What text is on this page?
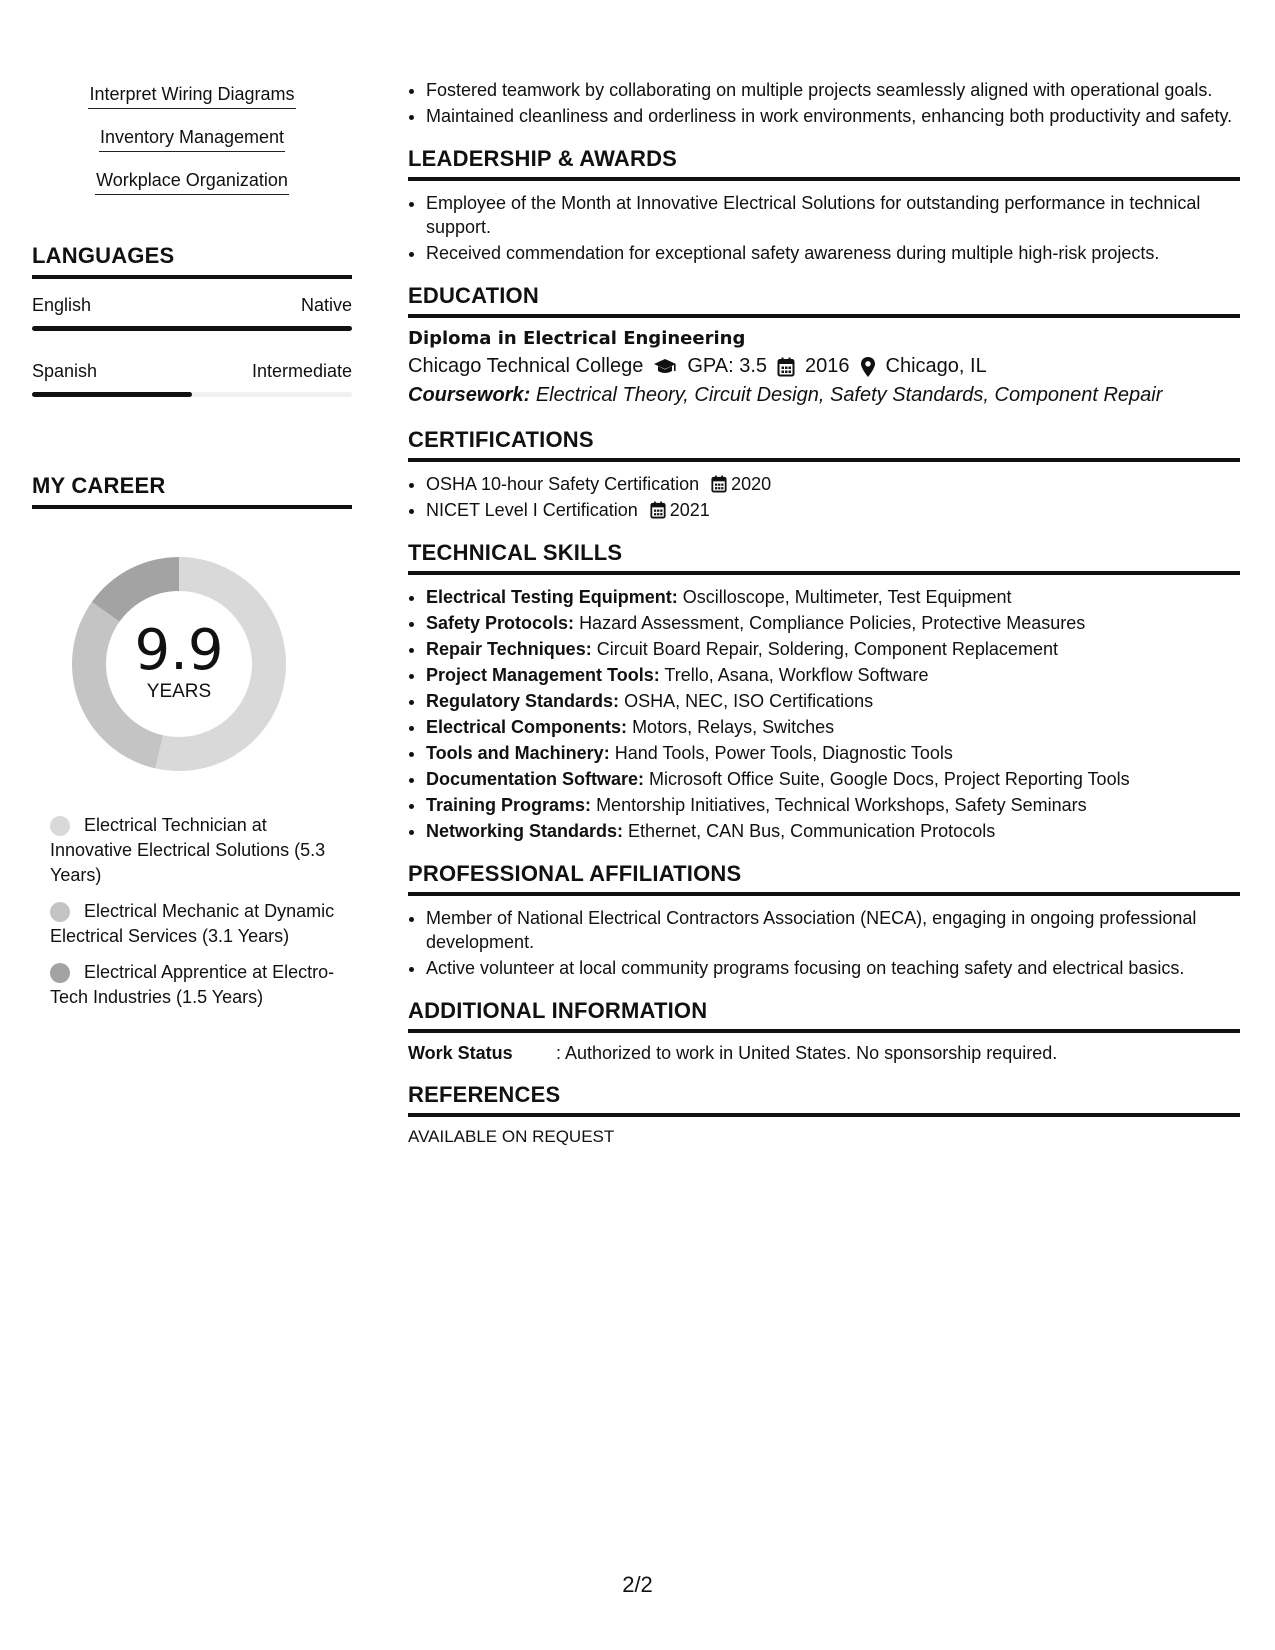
Interpret Wiring Diagrams
Inventory Management
Workplace Organization
LANGUAGES
English	Native
Spanish	Intermediate
MY CAREER
9.9
YEARS
Electrical Technician at Innovative Electrical Solutions (5.3 Years)
Electrical Mechanic at Dynamic Electrical Services (3.1 Years)
Electrical Apprentice at Electro-Tech Industries (1.5 Years)
• Fostered teamwork by collaborating on multiple projects seamlessly aligned with operational goals.
• Maintained cleanliness and orderliness in work environments, enhancing both productivity and safety.
LEADERSHIP & AWARDS
• Employee of the Month at Innovative Electrical Solutions for outstanding performance in technical support.
• Received commendation for exceptional safety awareness during multiple high-risk projects.
EDUCATION
Diploma in Electrical Engineering
Chicago Technical College GPA: 3.5 2016 Chicago, IL
Coursework: Electrical Theory, Circuit Design, Safety Standards, Component Repair
CERTIFICATIONS
• OSHA 10-hour Safety Certification 2020
• NICET Level I Certification 2021
TECHNICAL SKILLS
• Electrical Testing Equipment: Oscilloscope, Multimeter, Test Equipment
• Safety Protocols: Hazard Assessment, Compliance Policies, Protective Measures
• Repair Techniques: Circuit Board Repair, Soldering, Component Replacement
• Project Management Tools: Trello, Asana, Workflow Software
• Regulatory Standards: OSHA, NEC, ISO Certifications
• Electrical Components: Motors, Relays, Switches
• Tools and Machinery: Hand Tools, Power Tools, Diagnostic Tools
• Documentation Software: Microsoft Office Suite, Google Docs, Project Reporting Tools
• Training Programs: Mentorship Initiatives, Technical Workshops, Safety Seminars
• Networking Standards: Ethernet, CAN Bus, Communication Protocols
PROFESSIONAL AFFILIATIONS
• Member of National Electrical Contractors Association (NECA), engaging in ongoing professional development.
• Active volunteer at local community programs focusing on teaching safety and electrical basics.
ADDITIONAL INFORMATION
Work Status	: Authorized to work in United States. No sponsorship required.
REFERENCES
AVAILABLE ON REQUEST
2/2
